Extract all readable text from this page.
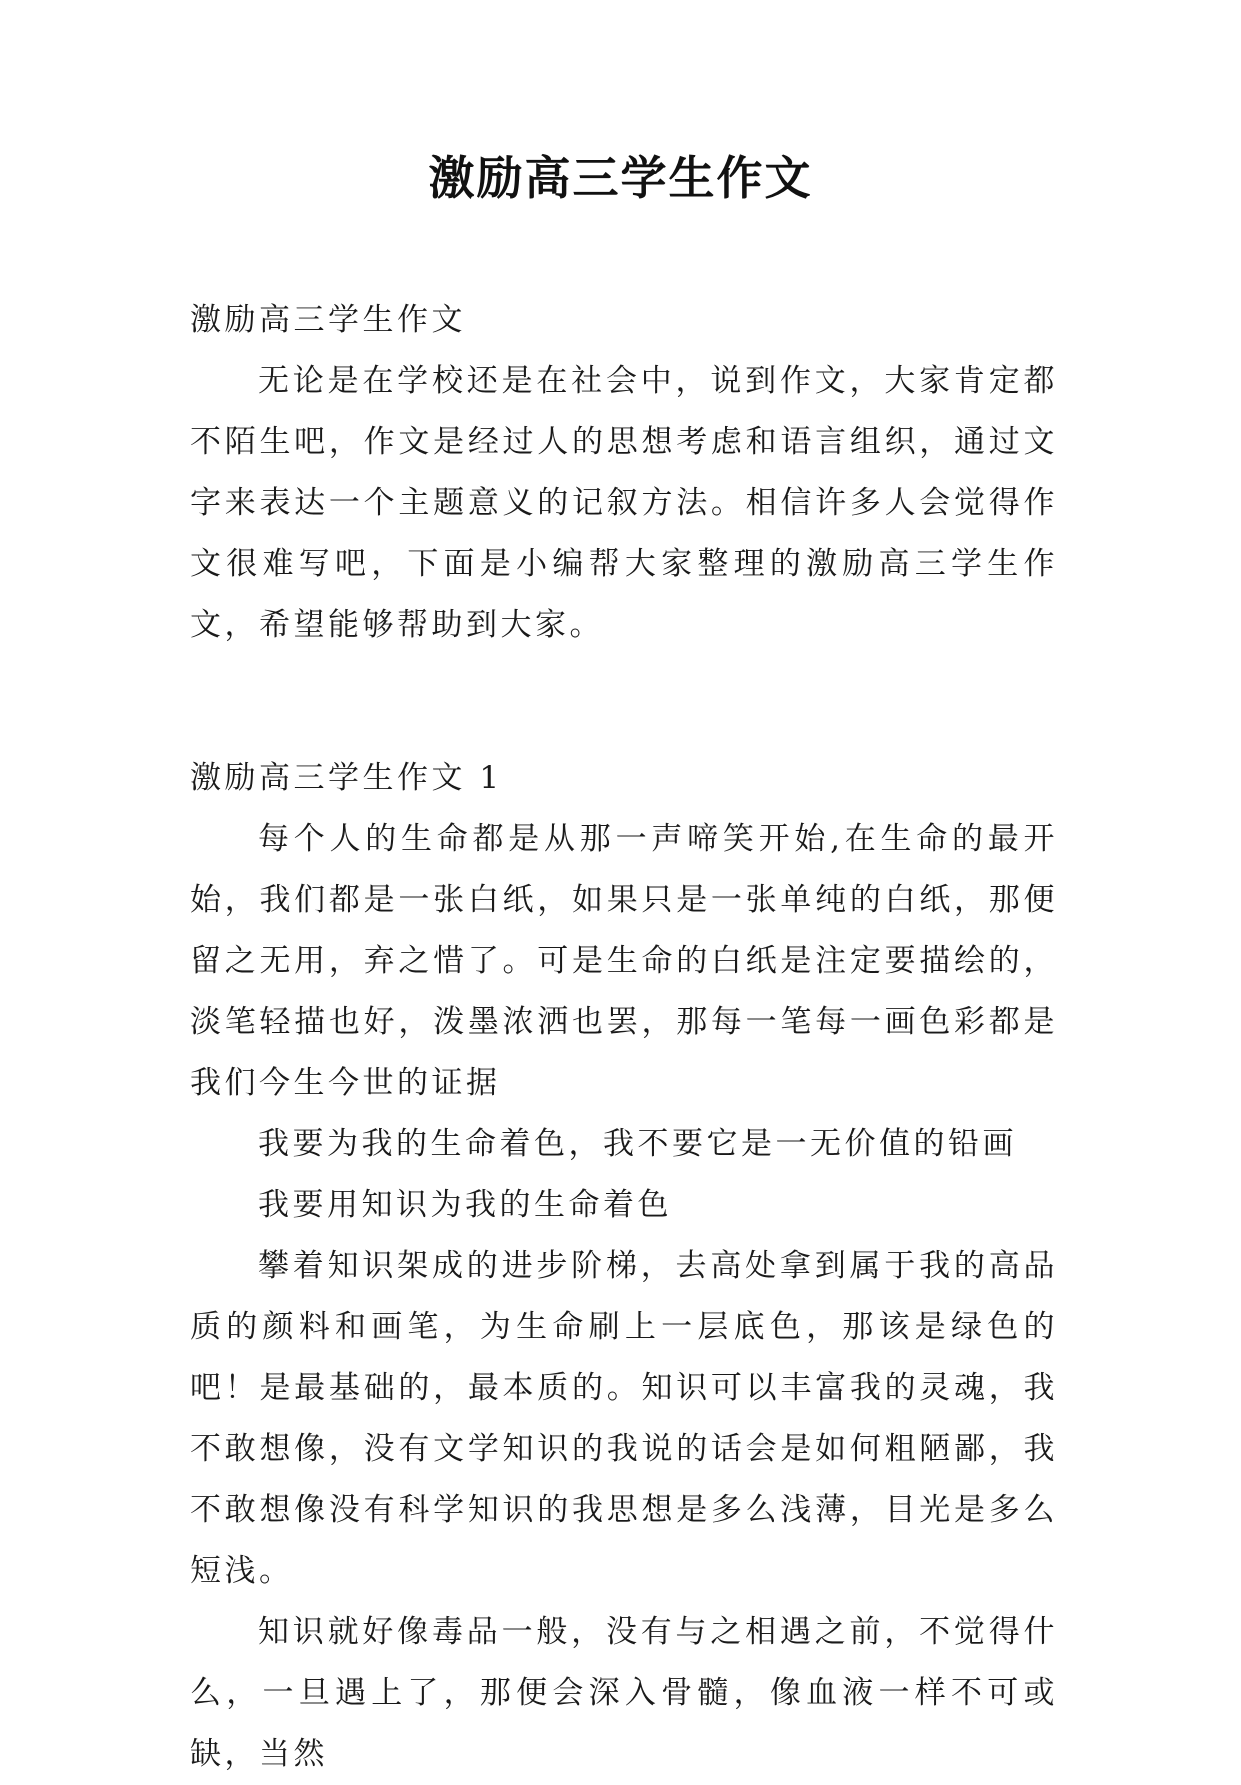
激励高三学生作文

激励高三学生作文

无论是在学校还是在社会中，说到作文，大家肯定都不陌生吧，作文是经过人的思想考虑和语言组织，通过文字来表达一个主题意义的记叙方法。相信许多人会觉得作文很难写吧，下面是小编帮大家整理的激励高三学生作文，希望能够帮助到大家。

激励高三学生作文 1

每个人的生命都是从那一声啼笑开始,在生命的最开始，我们都是一张白纸，如果只是一张单纯的白纸，那便留之无用，弃之惜了。可是生命的白纸是注定要描绘的，淡笔轻描也好，泼墨浓洒也罢，那每一笔每一画色彩都是我们今生今世的证据

我要为我的生命着色，我不要它是一无价值的铅画

我要用知识为我的生命着色

攀着知识架成的进步阶梯，去高处拿到属于我的高品质的颜料和画笔，为生命刷上一层底色，那该是绿色的吧！是最基础的，最本质的。知识可以丰富我的灵魂，我不敢想像，没有文学知识的我说的话会是如何粗陋鄙，我不敢想像没有科学知识的我思想是多么浅薄，目光是多么短浅。

知识就好像毒品一般，没有与之相遇之前，不觉得什么，一旦遇上了，那便会深入骨髓，像血液一样不可或缺，当然
